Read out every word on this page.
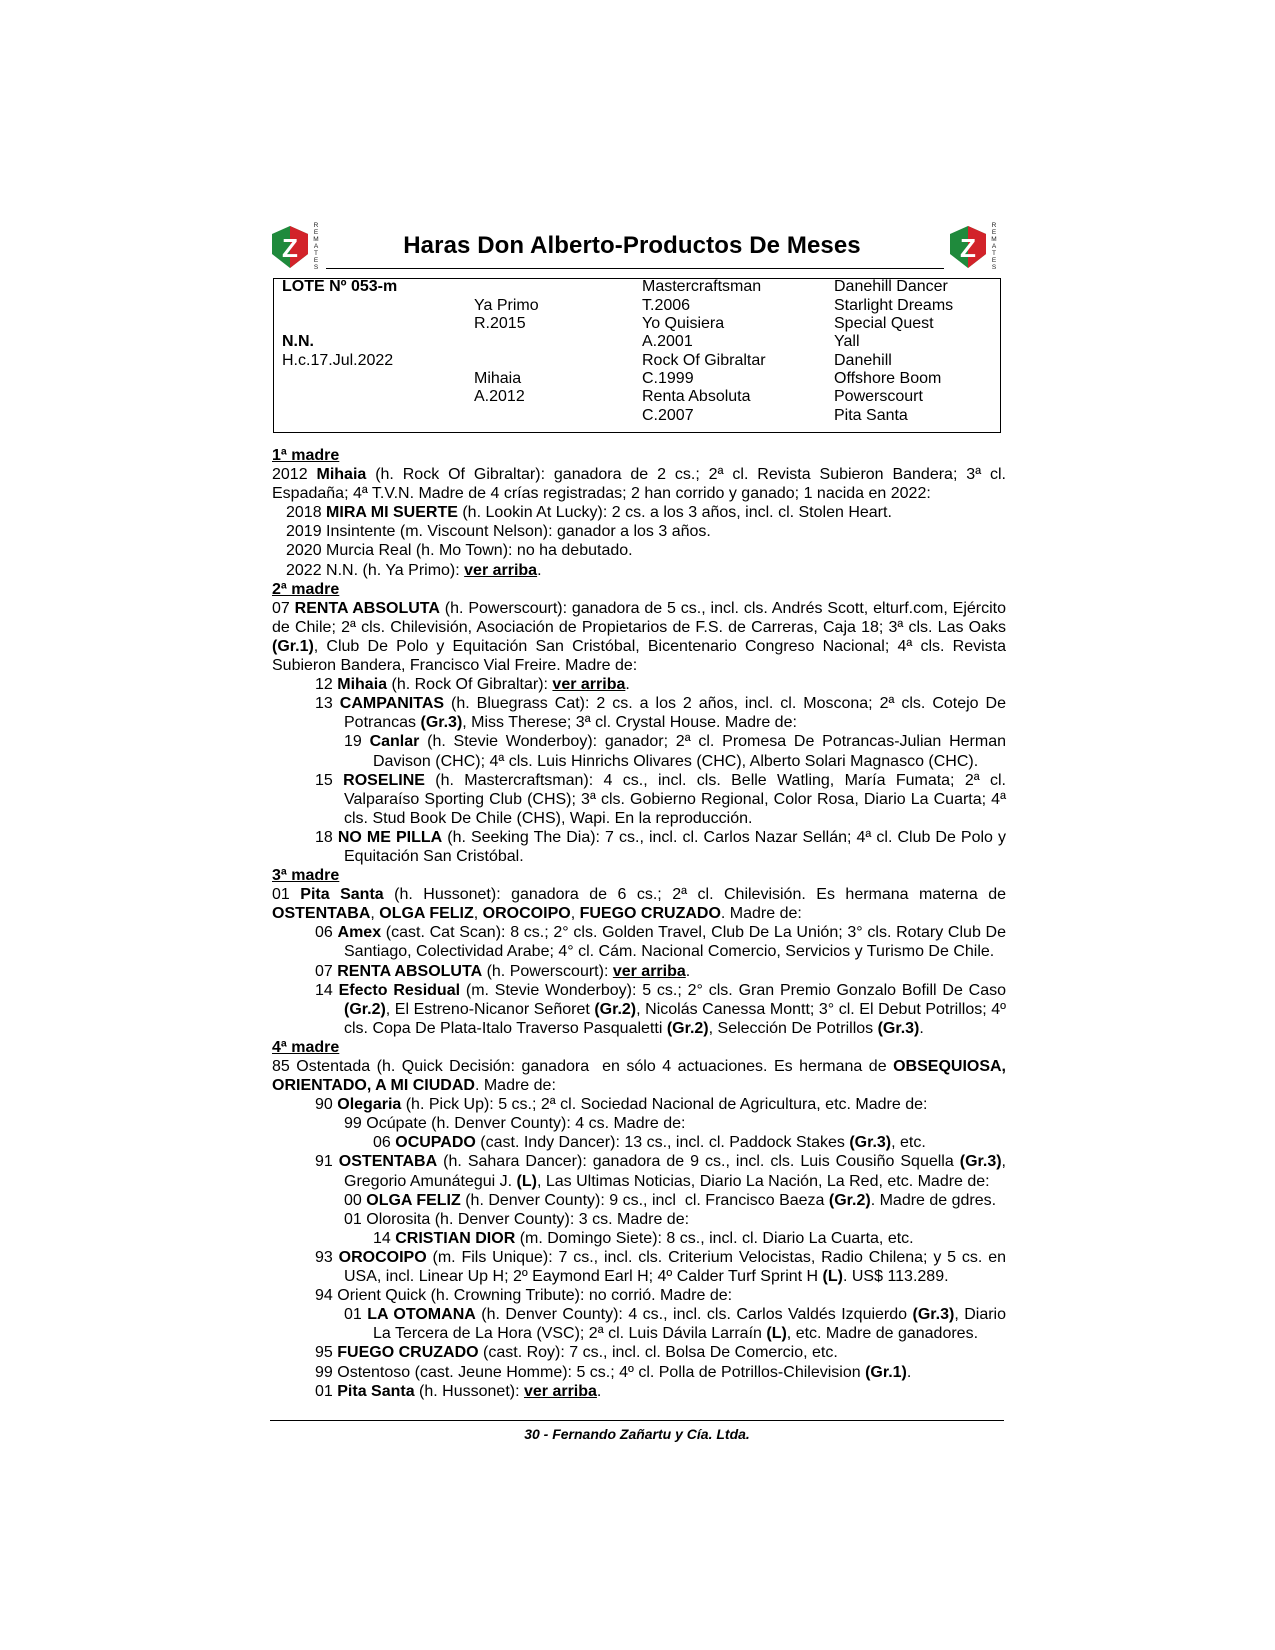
Z
R
E
M
A
T
E
S
Haras Don Alberto-Productos De Meses	Z
R
E
M
A
T
E
S
LOTE Nº 053-m
N.N.
H.c.17.Jul.2022
Ya Primo
R.2015
Mihaia
A.2012
Mastercraftsman
T.2006
Yo Quisiera
A.2001
Rock Of Gibraltar
C.1999
Renta Absoluta
C.2007
Danehill Dancer
Starlight Dreams
Special Quest
Yall
Danehill
Offshore Boom
Powerscourt
Pita Santa

1ª madre

2012 Mihaia (h. Rock Of Gibraltar): ganadora de 2 cs.; 2ª cl. Revista Subieron Bandera; 3ª cl. Espadaña; 4ª T.V.N. Madre de 4 crías registradas; 2 han corrido y ganado; 1 nacida en 2022:

2018 MIRA MI SUERTE (h. Lookin At Lucky): 2 cs. a los 3 años, incl. cl. Stolen Heart.

2019 Insintente (m. Viscount Nelson): ganador a los 3 años.

2020 Murcia Real (h. Mo Town): no ha debutado.

2022 N.N. (h. Ya Primo): ver arriba.

2ª madre

07 RENTA ABSOLUTA (h. Powerscourt): ganadora de 5 cs., incl. cls. Andrés Scott, elturf.com, Ejército de Chile; 2ª cls. Chilevisión, Asociación de Propietarios de F.S. de Carreras, Caja 18; 3ª cls. Las Oaks (Gr.1), Club De Polo y Equitación San Cristóbal, Bicentenario Congreso Nacional; 4ª cls. Revista Subieron Bandera, Francisco Vial Freire. Madre de:

12 Mihaia (h. Rock Of Gibraltar): ver arriba.

13 CAMPANITAS (h. Bluegrass Cat): 2 cs. a los 2 años, incl. cl. Moscona; 2ª cls. Cotejo De Potrancas (Gr.3), Miss Therese; 3ª cl. Crystal House. Madre de:

19 Canlar (h. Stevie Wonderboy): ganador; 2ª cl. Promesa De Potrancas-Julian Herman Davison (CHC); 4ª cls. Luis Hinrichs Olivares (CHC), Alberto Solari Magnasco (CHC).

15 ROSELINE (h. Mastercraftsman): 4 cs., incl. cls. Belle Watling, María Fumata; 2ª cl. Valparaíso Sporting Club (CHS); 3ª cls. Gobierno Regional, Color Rosa, Diario La Cuarta; 4ª cls. Stud Book De Chile (CHS), Wapi. En la reproducción.

18 NO ME PILLA (h. Seeking The Dia): 7 cs., incl. cl. Carlos Nazar Sellán; 4ª cl. Club De Polo y Equitación San Cristóbal.

3ª madre

01 Pita Santa (h. Hussonet): ganadora de 6 cs.; 2ª cl. Chilevisión. Es hermana materna de OSTENTABA, OLGA FELIZ, OROCOIPO, FUEGO CRUZADO. Madre de:

06 Amex (cast. Cat Scan): 8 cs.; 2° cls. Golden Travel, Club De La Unión; 3° cls. Rotary Club De Santiago, Colectividad Arabe; 4° cl. Cám. Nacional Comercio, Servicios y Turismo De Chile.

07 RENTA ABSOLUTA (h. Powerscourt): ver arriba.

14 Efecto Residual (m. Stevie Wonderboy): 5 cs.; 2° cls. Gran Premio Gonzalo Bofill De Caso (Gr.2), El Estreno-Nicanor Señoret (Gr.2), Nicolás Canessa Montt; 3° cl. El Debut Potrillos; 4º cls. Copa De Plata-Italo Traverso Pasqualetti (Gr.2), Selección De Potrillos (Gr.3).

4ª madre

85 Ostentada (h. Quick Decisión: ganadora  en sólo 4 actuaciones. Es hermana de OBSEQUIOSA, ORIENTADO, A MI CIUDAD. Madre de:

90 Olegaria (h. Pick Up): 5 cs.; 2ª cl. Sociedad Nacional de Agricultura, etc. Madre de:

99 Ocúpate (h. Denver County): 4 cs. Madre de:

06 OCUPADO (cast. Indy Dancer): 13 cs., incl. cl. Paddock Stakes (Gr.3), etc.

91 OSTENTABA (h. Sahara Dancer): ganadora de 9 cs., incl. cls. Luis Cousiño Squella (Gr.3), Gregorio Amunátegui J. (L), Las Ultimas Noticias, Diario La Nación, La Red, etc. Madre de:

00 OLGA FELIZ (h. Denver County): 9 cs., incl  cl. Francisco Baeza (Gr.2). Madre de gdres.

01 Olorosita (h. Denver County): 3 cs. Madre de:

14 CRISTIAN DIOR (m. Domingo Siete): 8 cs., incl. cl. Diario La Cuarta, etc.

93 OROCOIPO (m. Fils Unique): 7 cs., incl. cls. Criterium Velocistas, Radio Chilena; y 5 cs. en USA, incl. Linear Up H; 2º Eaymond Earl H; 4º Calder Turf Sprint H (L). US$ 113.289.

94 Orient Quick (h. Crowning Tribute): no corrió. Madre de:

01 LA OTOMANA (h. Denver County): 4 cs., incl. cls. Carlos Valdés Izquierdo (Gr.3), Diario La Tercera de La Hora (VSC); 2ª cl. Luis Dávila Larraín (L), etc. Madre de ganadores.

95 FUEGO CRUZADO (cast. Roy): 7 cs., incl. cl. Bolsa De Comercio, etc.

99 Ostentoso (cast. Jeune Homme): 5 cs.; 4º cl. Polla de Potrillos-Chilevision (Gr.1).

01 Pita Santa (h. Hussonet): ver arriba.

30 - Fernando Zañartu y Cía. Ltda.
